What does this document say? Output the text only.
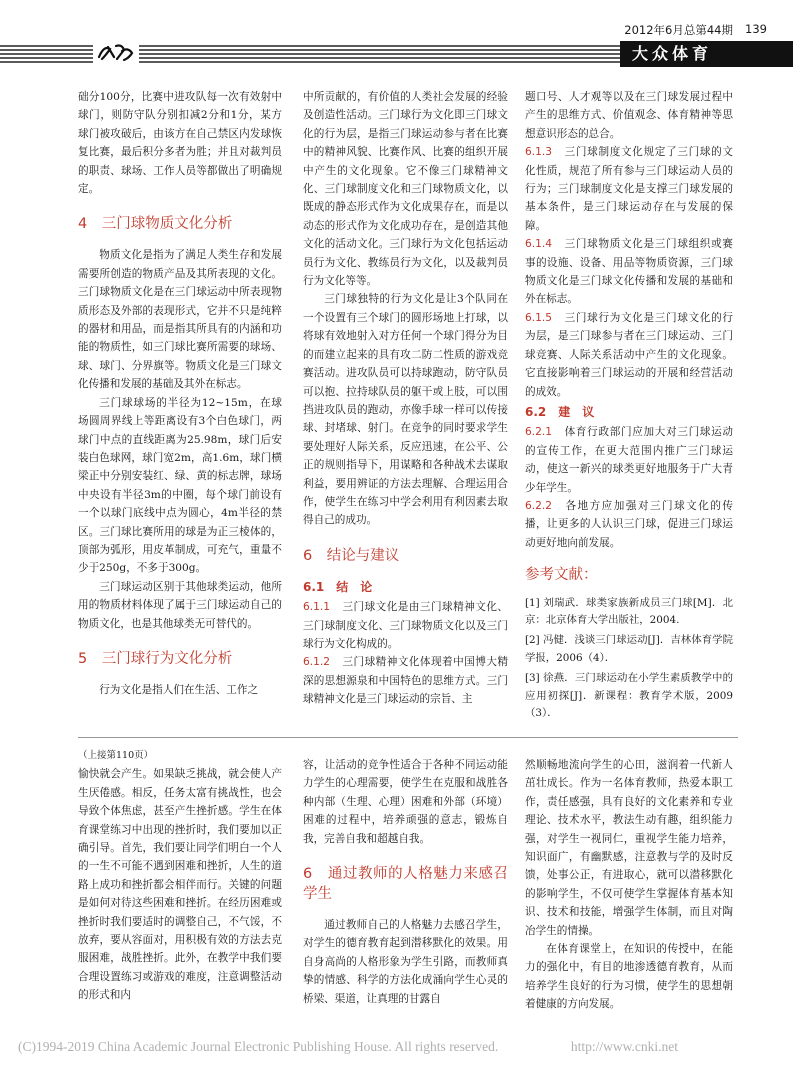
2012年6月总第44期 139
大众体育

础分100分，比赛中进攻队每一次有效射中球门，则防守队分别扣减2分和1分，某方球门被攻破后，由该方在自己禁区内发球恢复比赛，最后积分多者为胜；并且对裁判员的职责、球场、工作人员等都做出了明确规定。

4　三门球物质文化分析

物质文化是指为了满足人类生存和发展需要所创造的物质产品及其所表现的文化。三门球物质文化是在三门球运动中所表现物质形态及外部的表现形式，它并不只是纯粹的器材和用品，而是指其所具有的内涵和功能的物质性，如三门球比赛所需要的球场、球、球门、分界旗等。物质文化是三门球文化传播和发展的基础及其外在标志。

三门球球场的半径为12~15m，在球场圆周界线上等距离设有3个白色球门，两球门中点的直线距离为25.98m，球门后安装白色球网，球门宽2m，高1.6m，球门横梁正中分别安装红、绿、黄的标志牌，球场中央设有半径3m的中圈，每个球门前设有一个以球门底线中点为圆心，4m半径的禁区。三门球比赛所用的球是为正三棱体的，顶部为弧形，用皮革制成，可充气，重量不少于250g，不多于300g。

三门球运动区别于其他球类运动，他所用的物质材料体现了属于三门球运动自己的物质文化，也是其他球类无可替代的。

5　三门球行为文化分析

行为文化是指人们在生活、工作之

中所贡献的，有价值的人类社会发展的经验及创造性活动。三门球行为文化即三门球文化的行为层，是指三门球运动参与者在比赛中的精神风貌、比赛作风、比赛的组织开展中产生的文化现象。它不像三门球精神文化、三门球制度文化和三门球物质文化，以既成的静态形式作为文化成果存在，而是以动态的形式作为文化成功存在，是创造其他文化的活动文化。三门球行为文化包括运动员行为文化、教练员行为文化，以及裁判员行为文化等等。

三门球独特的行为文化是让3个队同在一个设置有三个球门的圆形场地上打球，以将球有效地射入对方任何一个球门得分为目的而建立起来的具有攻二防二性质的游戏竞赛活动。进攻队员可以持球跑动，防守队员可以抱、拉持球队员的躯干或上肢，可以围挡进攻队员的跑动，亦像手球一样可以传接球、封堵球、射门。在竞争的同时要求学生要处理好人际关系，反应迅速，在公平、公正的规则指导下，用谋略和各种战术去谋取利益，要用辨证的方法去理解、合理运用合作，使学生在练习中学会利用有利因素去取得自己的成功。

6　结论与建议
6.1　结　论

6.1.1 三门球文化是由三门球精神文化、三门球制度文化、三门球物质文化以及三门球行为文化构成的。

6.1.2 三门球精神文化体现着中国博大精深的思想源泉和中国特色的思维方式。三门球精神文化是三门球运动的宗旨、主

题口号、人才观等以及在三门球发展过程中产生的思维方式、价值观念、体育精神等思想意识形态的总合。

6.1.3 三门球制度文化规定了三门球的文化性质，规范了所有参与三门球运动人员的行为；三门球制度文化是支撑三门球发展的基本条件，是三门球运动存在与发展的保障。

6.1.4 三门球物质文化是三门球组织或赛事的设施、设备、用品等物质资源，三门球物质文化是三门球文化传播和发展的基础和外在标志。

6.1.5 三门球行为文化是三门球文化的行为层，是三门球参与者在三门球运动、三门球竞赛、人际关系活动中产生的文化现象。它直接影响着三门球运动的开展和经营活动的成效。

6.2　建　议

6.2.1 体育行政部门应加大对三门球运动的宣传工作，在更大范围内推广三门球运动，使这一新兴的球类更好地服务于广大青少年学生。

6.2.2 各地方应加强对三门球文化的传播，让更多的人认识三门球，促进三门球运动更好地向前发展。

参考文献：

[1] 刘瑞武．球类家族新成员三门球[M]．北京：北京体育大学出版社，2004.

[2] 冯健．浅谈三门球运动[J]．吉林体育学院学报，2006（4）．

[3] 徐燕．三门球运动在小学生素质教学中的应用初探[J]．新课程：教育学术版，2009（3）．

（上接第110页）

愉快就会产生。如果缺乏挑战，就会使人产生厌倦感。相反，任务太富有挑战性，也会导致个体焦虑，甚至产生挫折感。学生在体育课堂练习中出现的挫折时，我们要加以正确引导。首先，我们要让同学们明白一个人的一生不可能不遇到困难和挫折，人生的道路上成功和挫折都会相伴而行。关键的问题是如何对待这些困难和挫折。在经历困难或挫折时我们要适时的调整自己，不气馁，不放弃，要从容面对，用积极有效的方法去克服困难，战胜挫折。此外，在教学中我们要合理设置练习或游戏的难度，注意调整活动的形式和内

容，让活动的竞争性适合于各种不同运动能力学生的心理需要，使学生在克服和战胜各种内部（生理、心理）困难和外部（环境）困难的过程中，培养顽强的意志，锻炼自我，完善自我和超越自我。

6　通过教师的人格魅力来感召学生

通过教师自己的人格魅力去感召学生，对学生的德育教育起到潜移默化的效果。用自身高尚的人格形象为学生引路，而教师真挚的情感、科学的方法化成涌向学生心灵的桥梁、渠道，让真理的甘露自

然顺畅地流向学生的心田，滋润着一代新人茁壮成长。作为一名体育教师，热爱本职工作，责任感强，具有良好的文化素养和专业理论、技术水平，教法生动有趣，组织能力强，对学生一视同仁，重视学生能力培养，知识面广，有幽默感，注意教与学的及时反馈，处事公正，有进取心，就可以潜移默化的影响学生，不仅可使学生掌握体育基本知识、技术和技能，增强学生体制，而且对陶冶学生的情操。

在体育课堂上，在知识的传授中，在能力的强化中，有目的地渗透德育教育，从而培养学生良好的行为习惯，使学生的思想朝着健康的方向发展。

(C)1994-2019 China Academic Journal Electronic Publishing House. All rights reserved.	http://www.cnki.net
